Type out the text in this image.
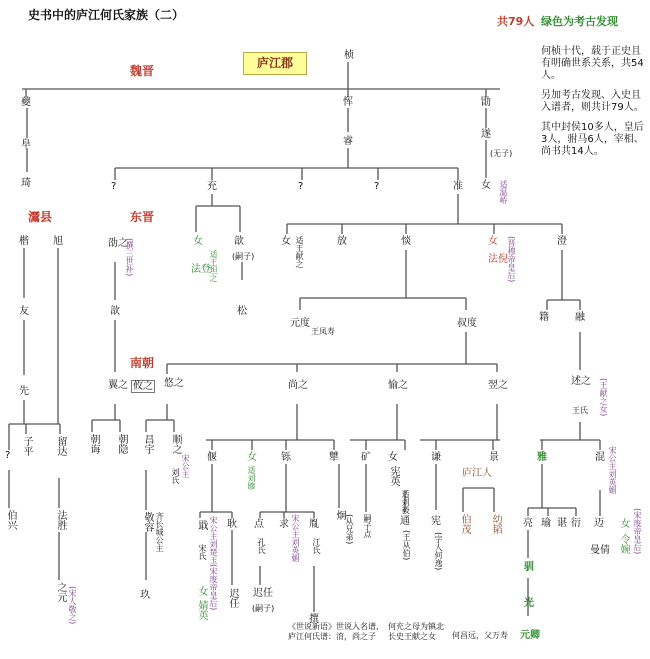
史书中的庐江何氏家族（二）	共79人 绿色为考古发现
庐江郡
何桢十代，载于正史且有明确世系关系，共54人。
另加考古发现、入史且入谱者，则共计79人。
其中封侯10多人，皇后3人，驸马6人，宰相、尚书共14人。
魏晋
东晋
南朝
灊县
桢
夔
阜
琦
恽
睿
勖
遂
(无子)
女 适温峤
?	充	?	?	准
楷 旭	劭之
(撰三世补)	女
法登
适王坦之
歆
(嗣子)
女 适王献之	放	惔	女
法倪 (晋穆帝皇后)	澄
友	歆	松
元度
王凤寿
叔度
籍	融
先
翼之 攸之 悠之	尚之	愉之	翌之	述之
王氏 (王献之女)
? 子平 留达 朝诲 朝隐 昌宇 顺之
刘氏 宋公主 偃	女
适刘贂
铄	犨 矿 女
宪英
适刘毅
谦	景	雅	混 宋公主刘英媚
伯兴	法胜
之元 (宋人敬之)
敬容 齐长城公主
玖
戢
宋氏 宋公主刘楚玉
女
婧英 (宋废帝皇后)
耿
迟任
点
孔氏
求 宋公主刘英媚 胤
江氏
迟任
(嗣子)
撰
炯 (从兄弟) 嗣子点	通
(王从伯)
宪
(字人何逸)
庐江人
伯茂 幼韬 亮 瑜 谌 衍 迈
曼倩
女
令婉 (宋废帝皇后)
驯
光
元卿
《世说新语》世说入名谱,庐江何氏谱：淯，尚之子
何充之母为镇北长史王献之女	何昌远，父万寿
